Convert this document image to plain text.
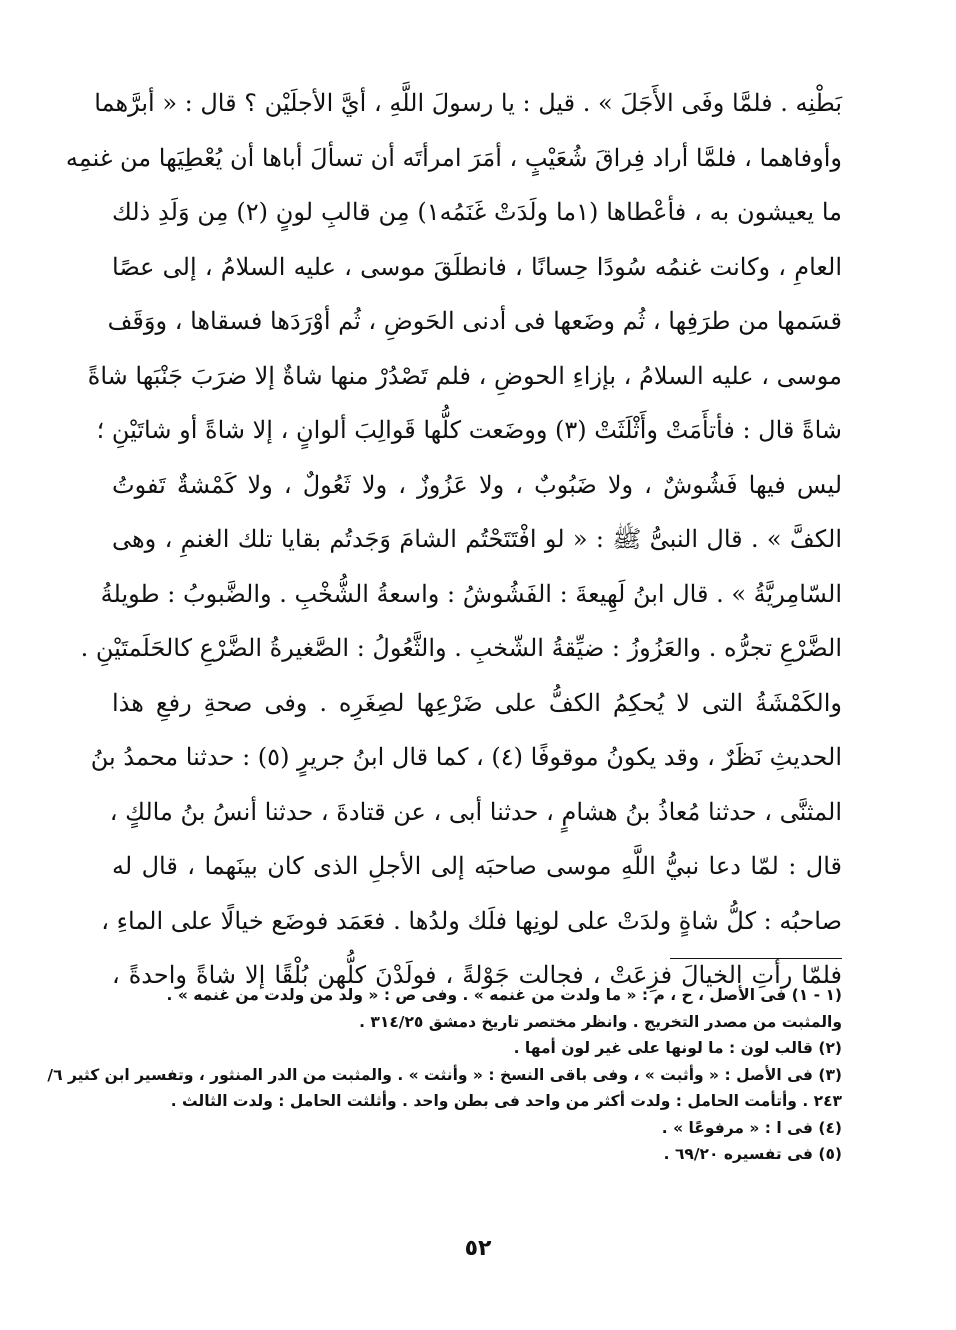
بَطْنِه . فلمَّا وفَى الأَجَلَ » . قيل : يا رسولَ اللَّهِ ، أيَّ الأجلَيْن ؟ قال : « أبرَّهما
وأوفاهما ، فلمَّا أراد فِراقَ شُعَيْبٍ ، أمَرَ امرأتَه أن تسألَ أباها أن يُعْطِيَها من غنمِه
ما يعيشون به ، فأعْطاها (١ما ولَدَتْ غَنَمُه١) مِن قالبِ لونٍ (٢) مِن وَلَدِ ذلك
العامِ ، وكانت غنمُه سُودًا حِسانًا ، فانطلَقَ موسى ، عليه السلامُ ، إلى عصًا
قسَمها من طرَفِها ، ثُم وضَعها فى أدنى الحَوضِ ، ثُم أوْرَدَها فسقاها ، ووَقَف
موسى ، عليه السلامُ ، بإزاءِ الحوضِ ، فلم تَصْدُرْ منها شاةٌ إلا ضرَبَ جَنْبَها شاةً
شاةً قال : فأتأَمَتْ وأَثْلَثَتْ (٣) ووضَعت كلُّها قَوالِبَ ألوانٍ ، إلا شاةً أو شاتَيْنِ ؛
ليس فيها فَشُوشٌ ، ولا ضَبُوبٌ ، ولا عَزُوزٌ ، ولا ثَعُولٌ ، ولا كَمْشةٌ تَفوتُ
الكفَّ » . قال النبىُّ ﷺ : « لو افْتَتَحْتُم الشامَ وَجَدتُم بقايا تلك الغنمِ ، وهى
السّامِريَّةُ » . قال ابنُ لَهِيعةَ : الفَشُوشُ : واسعةُ الشُّخْبِ . والضَّبوبُ : طويلةُ
الضَّرْعِ تجرُّه . والعَزُوزُ : ضيِّقةُ الشّخبِ . والثَّعُولُ : الصَّغيرةُ الضَّرْعِ كالحَلَمتَيْنِ .
والكَمْشَةُ التى لا يُحكِمُ الكفُّ على ضَرْعِها لصِغَرِه . وفى صحةِ رفعِ هذا
الحديثِ نَظَرٌ ، وقد يكونُ موقوفًا (٤) ، كما قال ابنُ جريرٍ (٥) : حدثنا محمدُ بنُ
المثنَّى ، حدثنا مُعاذُ بنُ هشامٍ ، حدثنا أبى ، عن قتادةَ ، حدثنا أنسُ بنُ مالكٍ ،
قال : لمّا دعا نبيُّ اللَّهِ موسى صاحبَه إلى الأجلِ الذى كان بينَهما ، قال له
صاحبُه : كلُّ شاةٍ ولدَتْ على لونِها فلَك ولدُها . فعَمَد فوضَع خيالًا على الماءِ ،
فلمّا رأتِ الخيالَ فزِعَتْ ، فجالت جَوْلةً ، فولَدْنَ كلُّهن بُلْقًا إلا شاةً واحدةً ،
(١ - ١) فى الأصل ، ح ، م : « ما ولدت من غنمه » . وفى ص : « ولد من ولدت من غنمه » .
والمثبت من مصدر التخريج . وانظر مختصر تاريخ دمشق ٣١٤/٢٥ .
(٢) قالب لون : ما لونها على غير لون أمها .
(٣) فى الأصل : « وأثبت » ، وفى باقى النسخ : « وأنثت » . والمثبت من الدر المنثور ، وتفسير ابن كثير ٦/
٢٤٣ . وأتأمت الحامل : ولدت أكثر من واحد فى بطن واحد . وأثلثت الحامل : ولدت الثالث .
(٤) فى ا : « مرفوعًا » .
(٥) فى تفسيره ٦٩/٢٠ .
٥٢
